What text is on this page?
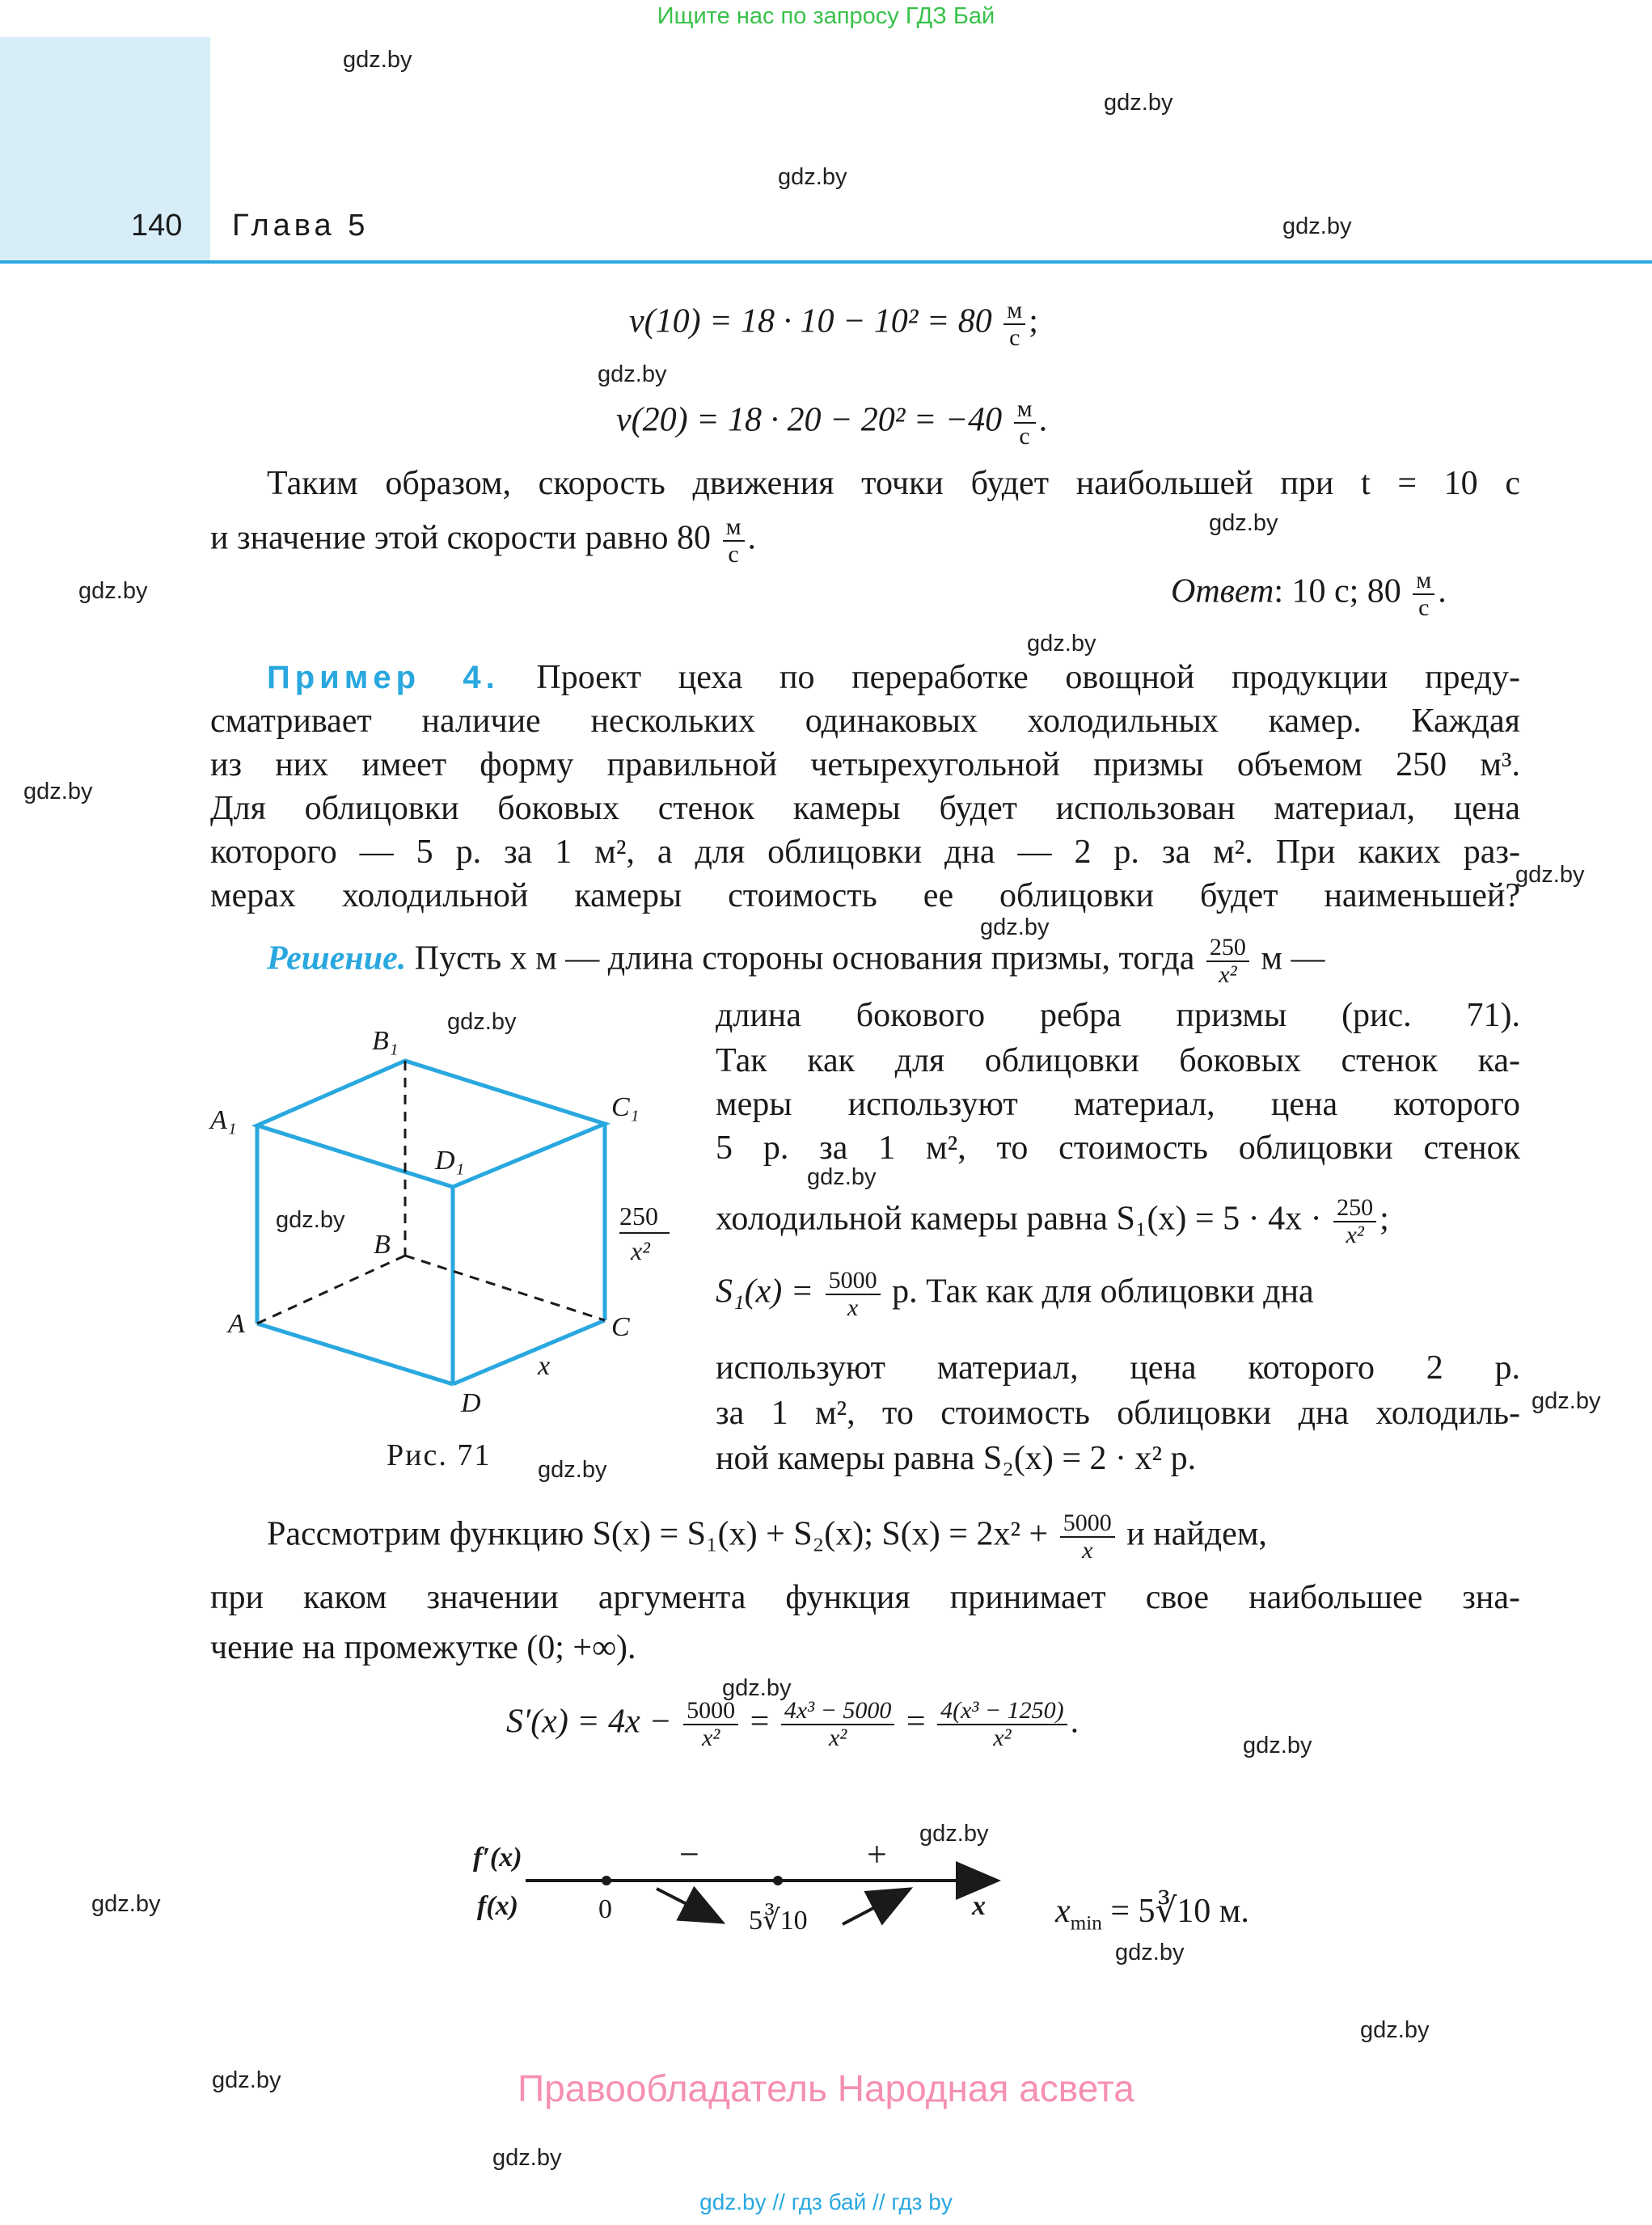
Ищите нас по запросу ГДЗ Бай
140 Глава 5
gdz.by
gdz.by
gdz.by
gdz.by
gdz.by
gdz.by
gdz.by
gdz.by
gdz.by
gdz.by
gdz.by
gdz.by
gdz.by
gdz.by
gdz.by
gdz.by
gdz.by
gdz.by
gdz.by
gdz.by
gdz.by
gdz.by
gdz.by
gdz.by
$v(10) = 18 \cdot 10 - 10^2 = 80 \frac{м}{с}$ ;
$v(20) = 18 \cdot 20 - 20^2 = -40 \frac{м}{с}$ .
Таким образом, скорость движения точки будет наибольшей при t = 10 с
и значение этой скорости равно $80 \frac{м}{с}$ .
Ответ: 10 с; $80 \frac{м}{с}$ .
Пример 4. Проект цеха по переработке овощной продукции преду-
сматривает наличие нескольких одинаковых холодильных камер. Каждая
из них имеет форму правильной четырехугольной призмы объемом 250 м³.
Для облицовки боковых стенок камеры будет использован материал, цена
которого — 5 р. за 1 м², а для облицовки дна — 2 р. за м². При каких раз-
мерах холодильной камеры стоимость ее облицовки будет наименьшей?
Решение. Пусть x м — длина стороны основания призмы, тогда $\frac{250}{\text{x²}}$ м —
длина бокового ребра призмы (рис. 71).
Так как для облицовки боковых стенок ка-
меры используют материал, цена которого
5 р. за 1 м², то стоимость облицовки стенок
холодильной камеры равна $S_1(x) = 5 \cdot 4x \cdot \frac{250}{\text{x²}}$ ;
$S_1(x) = \frac{5000}{x} р$. Так как для облицовки дна
используют материал, цена которого 2 р.
за 1 м², то стоимость облицовки дна холодиль-
ной камеры равна S₂(x) = 2 · x² р.
B₁
A₁	C₁
D₁
B
A	C
D
x
250
x²
Рис. 71
Рассмотрим функцию S(x) = S₁(x) + S₂(x); $S(x) = 2x^2 + \frac{5000}{x}$ и найдем,
при каком значении аргумента функция принимает свое наибольшее зна-
чение на промежутке (0; +∞).
$S'(x) = 4x - \frac{5000}{\text{x²}} = \frac{\text{4x³ − 5000}}{\text{x²}} = \frac{\text{4(x³ − 1250)}}{\text{x²}}$ .
f′(x)
f(x)
−	+
0	5∛10	x $x_{min}$ = 5∛10 м.
Правообладатель Народная асвета
gdz.by // гдз бай // гдз by
